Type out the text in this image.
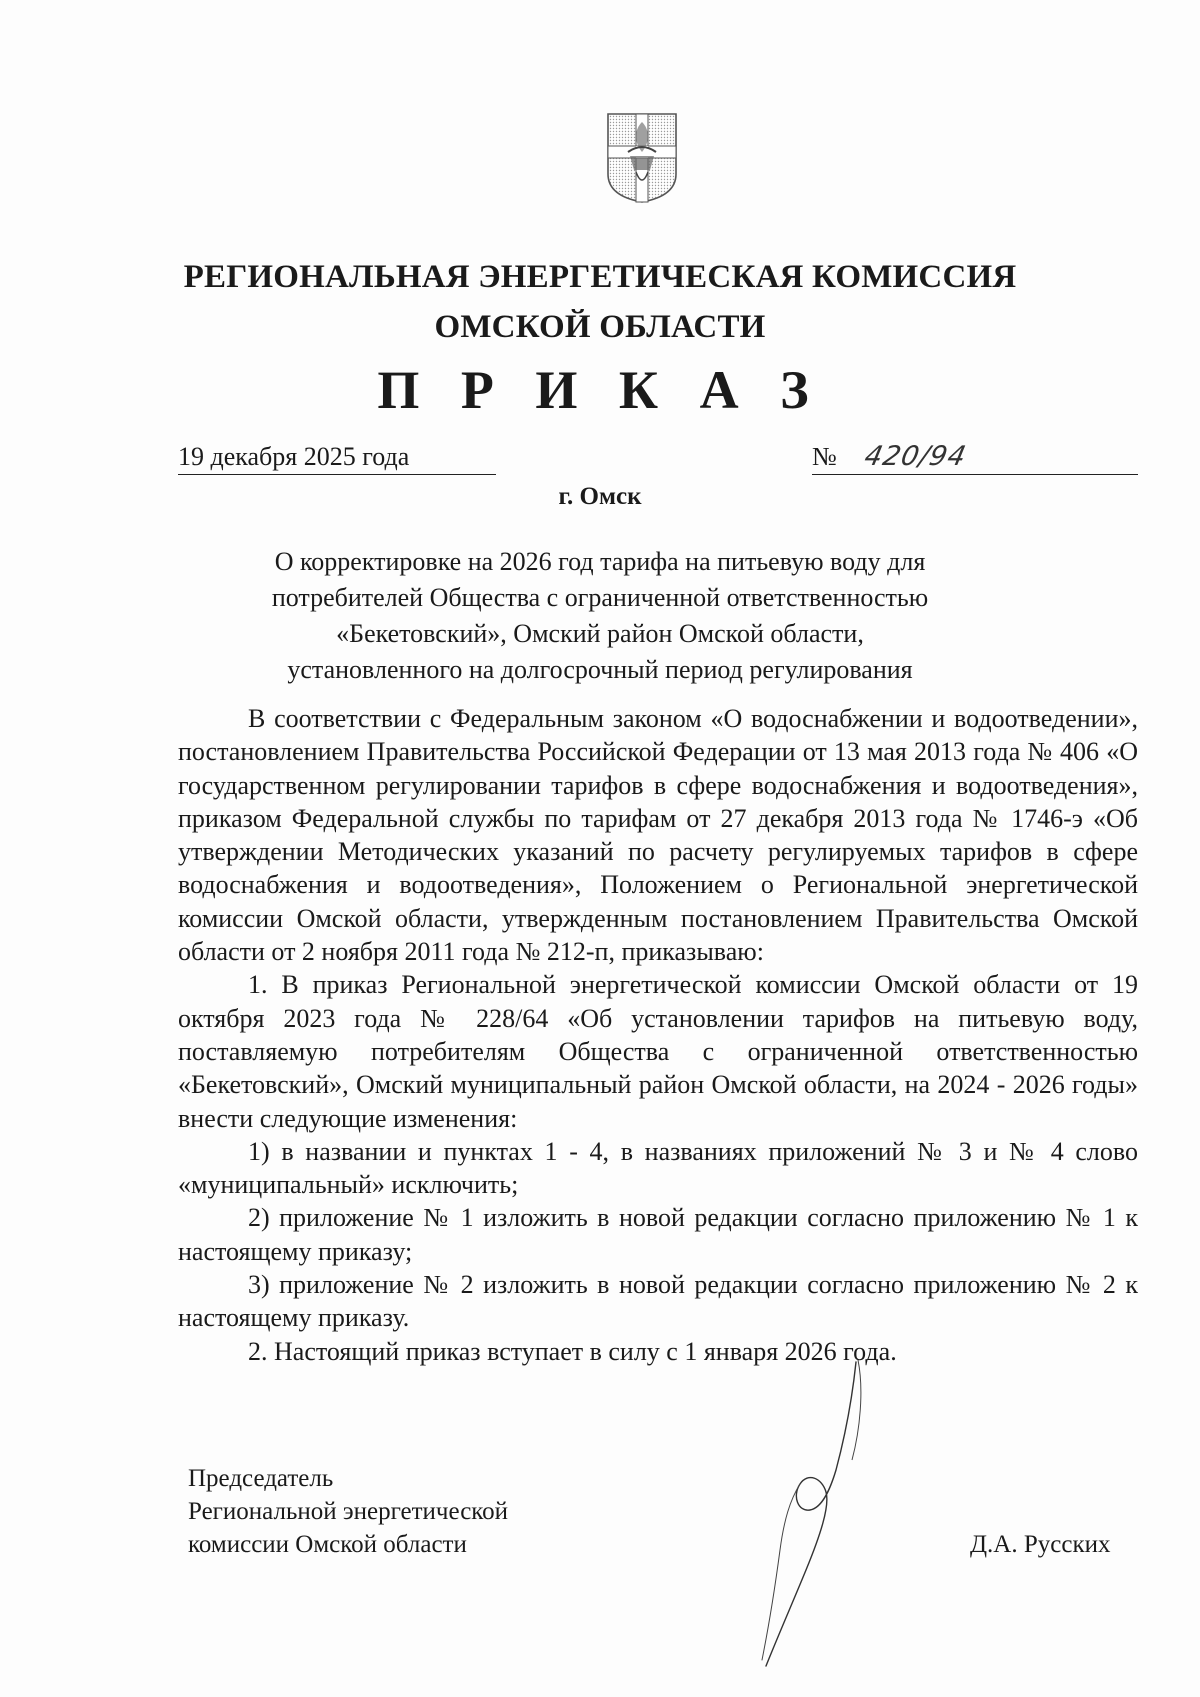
РЕГИОНАЛЬНАЯ ЭНЕРГЕТИЧЕСКАЯ КОМИССИЯ
ОМСКОЙ ОБЛАСТИ
П Р И К А З
19 декабря 2025 года	№ 420/94
г. Омск
О корректировке на 2026 год тарифа на питьевую воду для
потребителей Общества с ограниченной ответственностью
«Бекетовский», Омский район Омской области,
установленного на долгосрочный период регулирования

В соответствии с Федеральным законом «О водоснабжении и водоотведении», постановлением Правительства Российской Федерации от 13 мая 2013 года № 406 «О государственном регулировании тарифов в сфере водоснабжения и водоотведения», приказом Федеральной службы по тарифам от 27 декабря 2013 года № 1746-э «Об утверждении Методических указаний по расчету регулируемых тарифов в сфере водоснабжения и водоотведения», Положением о Региональной энергетической комиссии Омской области, утвержденным постановлением Правительства Омской области от 2 ноября 2011 года № 212-п, приказываю:

1. В приказ Региональной энергетической комиссии Омской области от 19 октября 2023 года № 228/64 «Об установлении тарифов на питьевую воду, поставляемую потребителям Общества с ограниченной ответственностью «Бекетовский», Омский муниципальный район Омской области, на 2024 - 2026 годы» внести следующие изменения:

1) в названии и пунктах 1 - 4, в названиях приложений № 3 и № 4 слово «муниципальный» исключить;

2) приложение № 1 изложить в новой редакции согласно приложению № 1 к настоящему приказу;

3) приложение № 2 изложить в новой редакции согласно приложению № 2 к настоящему приказу.

2. Настоящий приказ вступает в силу с 1 января 2026 года.

Председатель
Региональной энергетической
комиссии Омской области	Д.А. Русских
